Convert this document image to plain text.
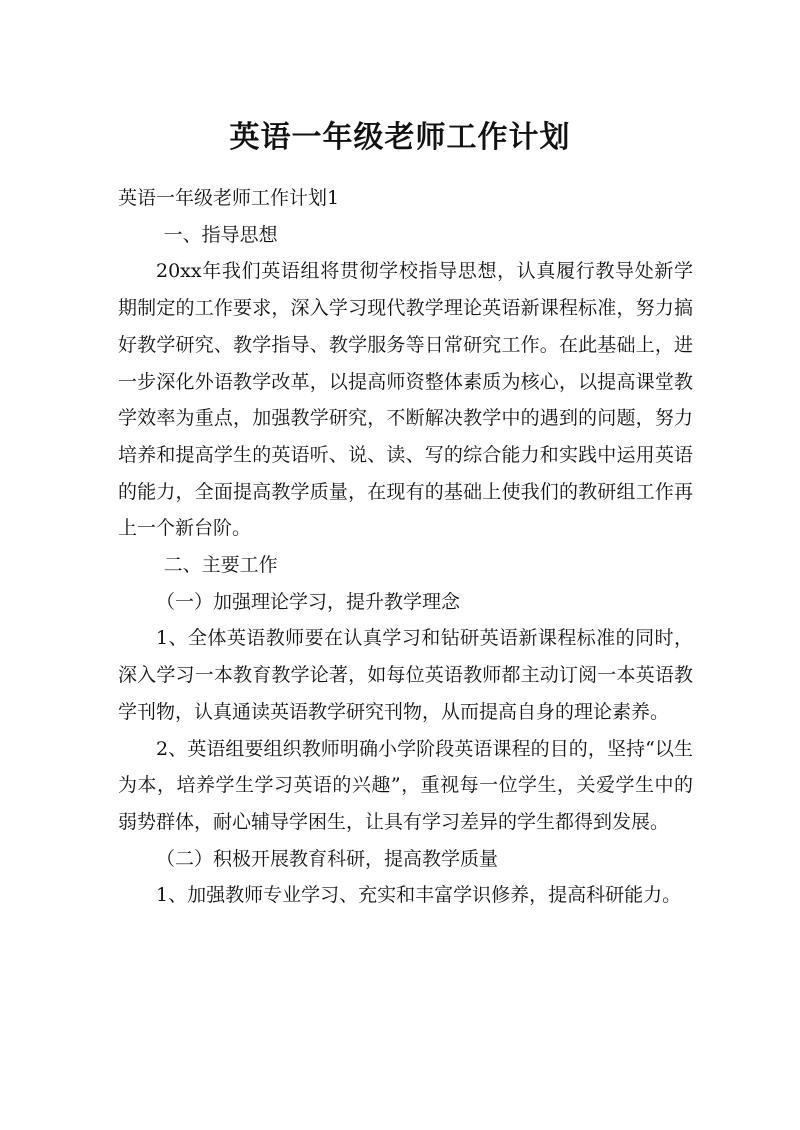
英语一年级老师工作计划

英语一年级老师工作计划1

一、指导思想

20xx年我们英语组将贯彻学校指导思想，认真履行教导处新学期制定的工作要求，深入学习现代教学理论英语新课程标准，努力搞好教学研究、教学指导、教学服务等日常研究工作。在此基础上，进一步深化外语教学改革，以提高师资整体素质为核心，以提高课堂教学效率为重点，加强教学研究，不断解决教学中的遇到的问题，努力培养和提高学生的英语听、说、读、写的综合能力和实践中运用英语的能力，全面提高教学质量，在现有的基础上使我们的教研组工作再上一个新台阶。

二、主要工作

（一）加强理论学习，提升教学理念

1、全体英语教师要在认真学习和钻研英语新课程标准的同时，深入学习一本教育教学论著，如每位英语教师都主动订阅一本英语教学刊物，认真通读英语教学研究刊物，从而提高自身的理论素养。

2、英语组要组织教师明确小学阶段英语课程的目的，坚持“以生为本，培养学生学习英语的兴趣”，重视每一位学生，关爱学生中的弱势群体，耐心辅导学困生，让具有学习差异的学生都得到发展。

（二）积极开展教育科研，提高教学质量

1、加强教师专业学习、充实和丰富学识修养，提高科研能力。
